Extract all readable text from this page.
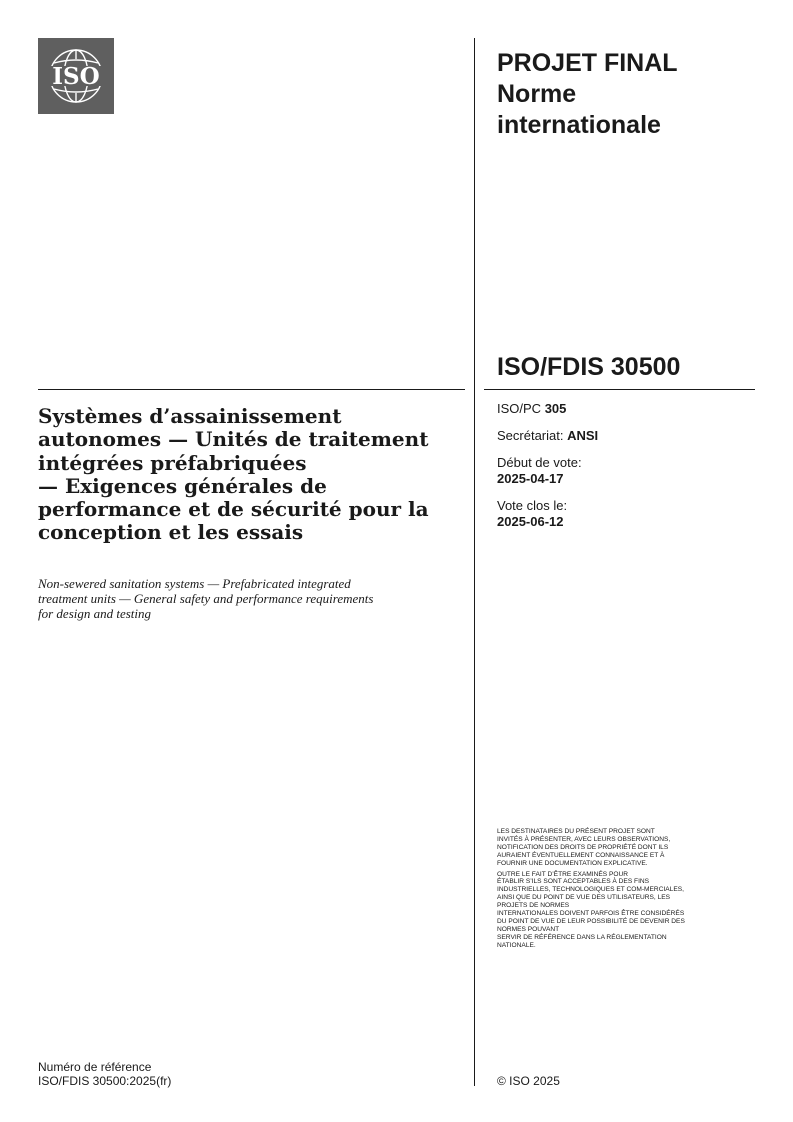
ISO	PROJET FINAL
Norme
internationale
ISO/FDIS 30500
ISO/PC 305
Secrétariat: ANSI
Début de vote:
2025-04-17
Vote clos le:
2025-06-12
Systèmes d’assainissement
autonomes — Unités de traitement
intégrées préfabriquées
— Exigences générales de
performance et de sécurité pour la
conception et les essais
Non-sewered sanitation systems — Prefabricated integrated
treatment units — General safety and performance requirements
for design and testing
LES DESTINATAIRES DU PRÉSENT PROJET SONT
INVITÉS À PRÉSENTER, AVEC LEURS OBSERVATIONS,
NOTIFICATION DES DROITS DE PROPRIÉTÉ DONT ILS
AURAIENT ÉVENTUELLEMENT CONNAISSANCE ET À
FOURNIR UNE DOCUMENTATION EXPLICATIVE.
OUTRE LE FAIT D’ÊTRE EXAMINÉS POUR
ÉTABLIR S’ILS SONT ACCEPTABLES À DES FINS
INDUSTRIELLES, TECHNOLOGIQUES ET COM-MERCIALES,
AINSI QUE DU POINT DE VUE DES UTILISATEURS, LES
PROJETS DE NORMES
INTERNATIONALES DOIVENT PARFOIS ÊTRE CONSIDÉRÉS
DU POINT DE VUE DE LEUR POSSIBILITÉ DE DEVENIR DES
NORMES POUVANT
SERVIR DE RÉFÉRENCE DANS LA RÉGLEMENTATION
NATIONALE.
Numéro de référence
ISO/FDIS 30500:2025(fr)	© ISO 2025
